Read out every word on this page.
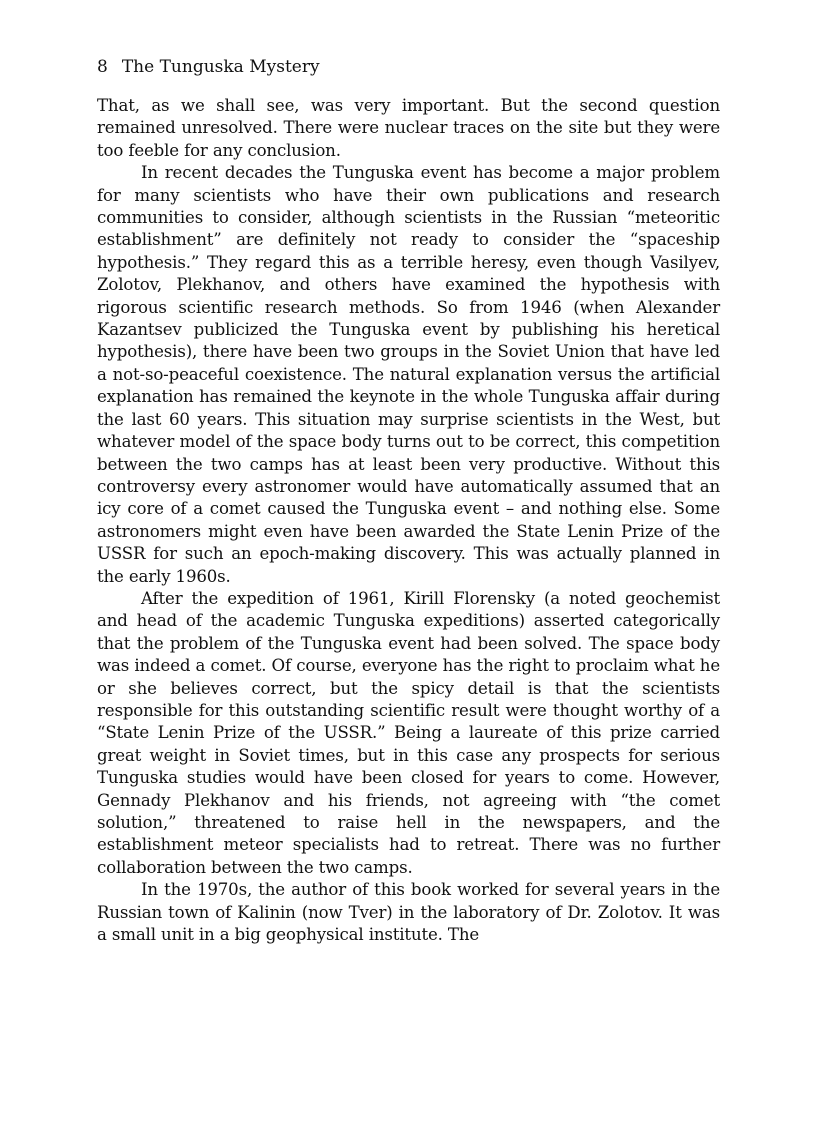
8 The Tunguska Mystery

That, as we shall see, was very important. But the second question remained unresolved. There were nuclear traces on the site but they were too feeble for any conclusion.

In recent decades the Tunguska event has become a major problem for many scientists who have their own publications and research communities to consider, although scientists in the Russian “meteoritic establishment” are definitely not ready to consider the “spaceship hypothesis.” They regard this as a terrible heresy, even though Vasilyev, Zolotov, Plekhanov, and others have examined the hypothesis with rigorous scientific research methods. So from 1946 (when Alexander Kazantsev publicized the Tunguska event by publishing his heretical hypothesis), there have been two groups in the Soviet Union that have led a not-so-peaceful coexistence. The natural explanation versus the artificial explanation has remained the keynote in the whole Tunguska affair during the last 60 years. This situation may surprise scientists in the West, but whatever model of the space body turns out to be correct, this competition between the two camps has at least been very productive. Without this controversy every astronomer would have automatically assumed that an icy core of a comet caused the Tunguska event – and nothing else. Some astronomers might even have been awarded the State Lenin Prize of the USSR for such an epoch-making discovery. This was actually planned in the early 1960s.

After the expedition of 1961, Kirill Florensky (a noted geochemist and head of the academic Tunguska expeditions) asserted categorically that the problem of the Tunguska event had been solved. The space body was indeed a comet. Of course, everyone has the right to proclaim what he or she believes correct, but the spicy detail is that the scientists responsible for this outstanding scientific result were thought worthy of a “State Lenin Prize of the USSR.” Being a laureate of this prize carried great weight in Soviet times, but in this case any prospects for serious Tunguska studies would have been closed for years to come. However, Gennady Plekhanov and his friends, not agreeing with “the comet solution,” threatened to raise hell in the newspapers, and the establishment meteor specialists had to retreat. There was no further collaboration between the two camps.

In the 1970s, the author of this book worked for several years in the Russian town of Kalinin (now Tver) in the laboratory of Dr. Zolotov. It was a small unit in a big geophysical institute. The
